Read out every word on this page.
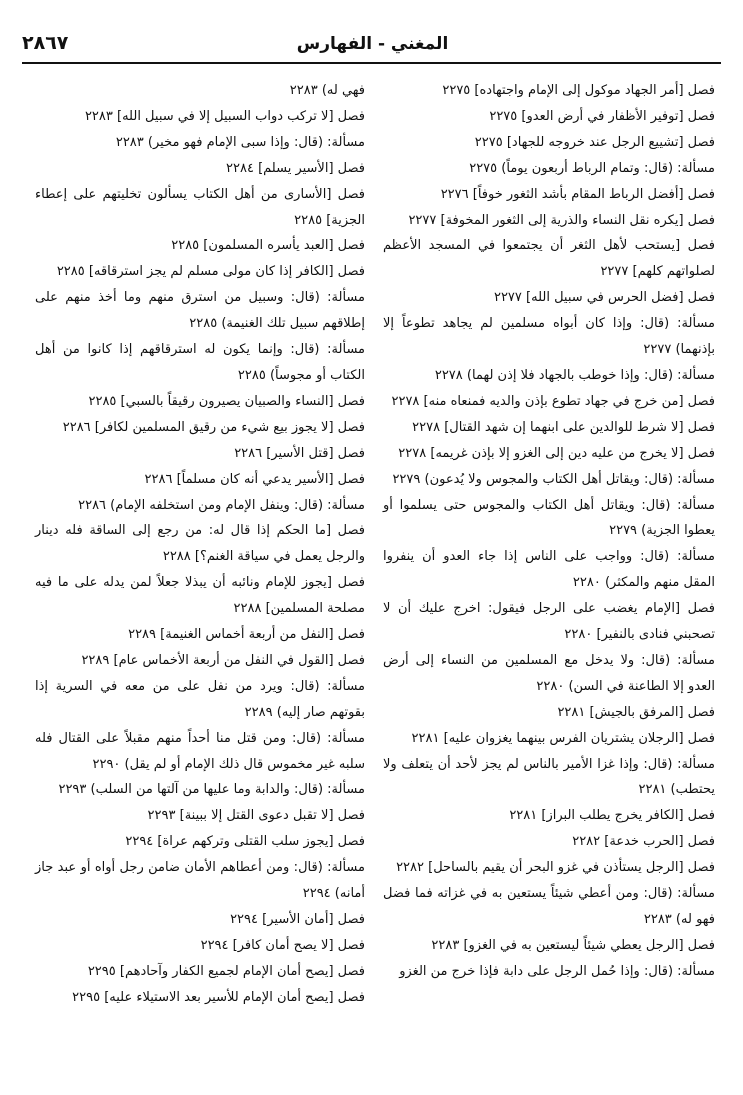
المغني - الفهارس
٢٨٦٧

فصل [أمر الجهاد موكول إلى الإمام واجتهاده] ٢٢٧٥

فصل [توفير الأظفار في أرض العدو] ٢٢٧٥

فصل [تشييع الرجل عند خروجه للجهاد] ٢٢٧٥

مسألة: (قال: وتمام الرباط أربعون يوماً) ٢٢٧٥

فصل [أفضل الرباط المقام بأشد الثغور خوفاً] ٢٢٧٦

فصل [يكره نقل النساء والذرية إلى الثغور المخوفة] ٢٢٧٧

فصل [يستحب لأهل الثغر أن يجتمعوا في المسجد الأعظم لصلواتهم كلهم] ٢٢٧٧

فصل [فضل الحرس في سبيل الله] ٢٢٧٧

مسألة: (قال: وإذا كان أبواه مسلمين لم يجاهد تطوعاً إلا بإذنهما) ٢٢٧٧

مسألة: (قال: وإذا خوطب بالجهاد فلا إذن لهما) ٢٢٧٨

فصل [من خرج في جهاد تطوع بإذن والديه فمنعاه منه] ٢٢٧٨

فصل [لا شرط للوالدين على ابنهما إن شهد القتال] ٢٢٧٨

فصل [لا يخرج من عليه دين إلى الغزو إلا بإذن غريمه] ٢٢٧٨

مسألة: (قال: ويقاتل أهل الكتاب والمجوس ولا يُدعون) ٢٢٧٩

مسألة: (قال: ويقاتل أهل الكتاب والمجوس حتى يسلموا أو يعطوا الجزية) ٢٢٧٩

مسألة: (قال: وواجب على الناس إذا جاء العدو أن ينفروا المقل منهم والمكثر) ٢٢٨٠

فصل [الإمام يغضب على الرجل فيقول: اخرج عليك أن لا تصحبني فنادى بالنفير] ٢٢٨٠

مسألة: (قال: ولا يدخل مع المسلمين من النساء إلى أرض العدو إلا الطاعنة في السن) ٢٢٨٠

فصل [المرفق بالجيش] ٢٢٨١

فصل [الرجلان يشتريان الفرس بينهما يغزوان عليه] ٢٢٨١

مسألة: (قال: وإذا غزا الأمير بالناس لم يجز لأحد أن يتعلف ولا يحتطب) ٢٢٨١

فصل [الكافر يخرج يطلب البراز] ٢٢٨١

فصل [الحرب خدعة] ٢٢٨٢

فصل [الرجل يستأذن في غزو البحر أن يقيم بالساحل] ٢٢٨٢

مسألة: (قال: ومن أعطي شيئاً يستعين به في غزاته فما فضل فهو له) ٢٢٨٣

فصل [الرجل يعطي شيئاً ليستعين به في الغزو] ٢٢٨٣

مسألة: (قال: وإذا حُمل الرجل على دابة فإذا خرج من الغزو

فهي له) ٢٢٨٣

فصل [لا تركب دواب السبيل إلا في سبيل الله] ٢٢٨٣

مسألة: (قال: وإذا سبى الإمام فهو مخير) ٢٢٨٣

فصل [الأسير يسلم] ٢٢٨٤

فصل [الأسارى من أهل الكتاب يسألون تخليتهم على إعطاء الجزية] ٢٢٨٥

فصل [العبد يأسره المسلمون] ٢٢٨٥

فصل [الكافر إذا كان مولى مسلم لم يجز استرقاقه] ٢٢٨٥

مسألة: (قال: وسبيل من استرق منهم وما أخذ منهم على إطلاقهم سبيل تلك الغنيمة) ٢٢٨٥

مسألة: (قال: وإنما يكون له استرقاقهم إذا كانوا من أهل الكتاب أو مجوساً) ٢٢٨٥

فصل [النساء والصبيان يصيرون رقيقاً بالسبي] ٢٢٨٥

فصل [لا يجوز بيع شيء من رقيق المسلمين لكافر] ٢٢٨٦

فصل [قتل الأسير] ٢٢٨٦

فصل [الأسير يدعي أنه كان مسلماً] ٢٢٨٦

مسألة: (قال: وينفل الإمام ومن استخلفه الإمام) ٢٢٨٦

فصل [ما الحكم إذا قال له: من رجع إلى الساقة فله دينار والرجل يعمل في سياقة الغنم؟] ٢٢٨٨

فصل [يجوز للإمام ونائبه أن يبذلا جعلاً لمن يدله على ما فيه مصلحة المسلمين] ٢٢٨٨

فصل [النفل من أربعة أخماس الغنيمة] ٢٢٨٩

فصل [القول في النفل من أربعة الأخماس عام] ٢٢٨٩

مسألة: (قال: ويرد من نفل على من معه في السرية إذا بقوتهم صار إليه) ٢٢٨٩

مسألة: (قال: ومن قتل منا أحداً منهم مقبلاً على القتال فله سلبه غير مخموس قال ذلك الإمام أو لم يقل) ٢٢٩٠

مسألة: (قال: والدابة وما عليها من آلتها من السلب) ٢٢٩٣

فصل [لا تقبل دعوى القتل إلا ببينة] ٢٢٩٣

فصل [يجوز سلب القتلى وتركهم عراة] ٢٢٩٤

مسألة: (قال: ومن أعطاهم الأمان ضامن رجل أواه أو عبد جاز أمانه) ٢٢٩٤

فصل [أمان الأسير] ٢٢٩٤

فصل [لا يصح أمان كافر] ٢٢٩٤

فصل [يصح أمان الإمام لجميع الكفار وآحادهم] ٢٢٩٥

فصل [يصح أمان الإمام للأسير بعد الاستيلاء عليه] ٢٢٩٥
